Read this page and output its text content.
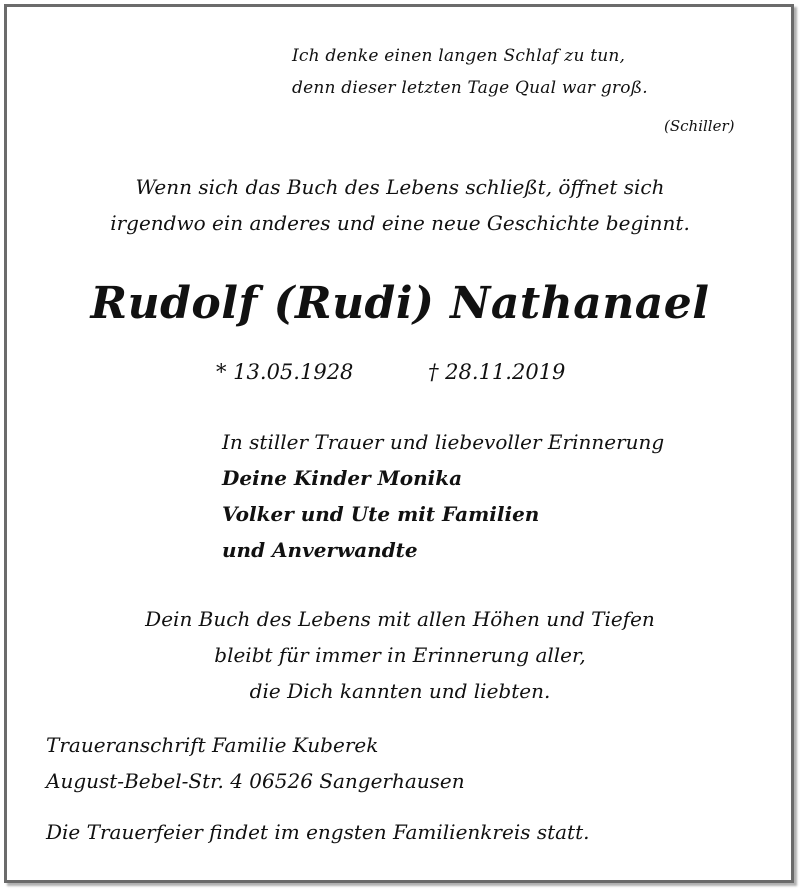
Ich denke einen langen Schlaf zu tun,
denn dieser letzten Tage Qual war groß.
(Schiller)
Wenn sich das Buch des Lebens schließt, öffnet sich
irgendwo ein anderes und eine neue Geschichte beginnt.
Rudolf (Rudi) Nathanael
* 13.05.1928	† 28.11.2019
In stiller Trauer und liebevoller Erinnerung
Deine Kinder Monika
Volker und Ute mit Familien
und Anverwandte
Dein Buch des Lebens mit allen Höhen und Tiefen
bleibt für immer in Erinnerung aller,
die Dich kannten und liebten.
Traueranschrift Familie Kuberek
August-Bebel-Str. 4 06526 Sangerhausen
Die Trauerfeier findet im engsten Familienkreis statt.
